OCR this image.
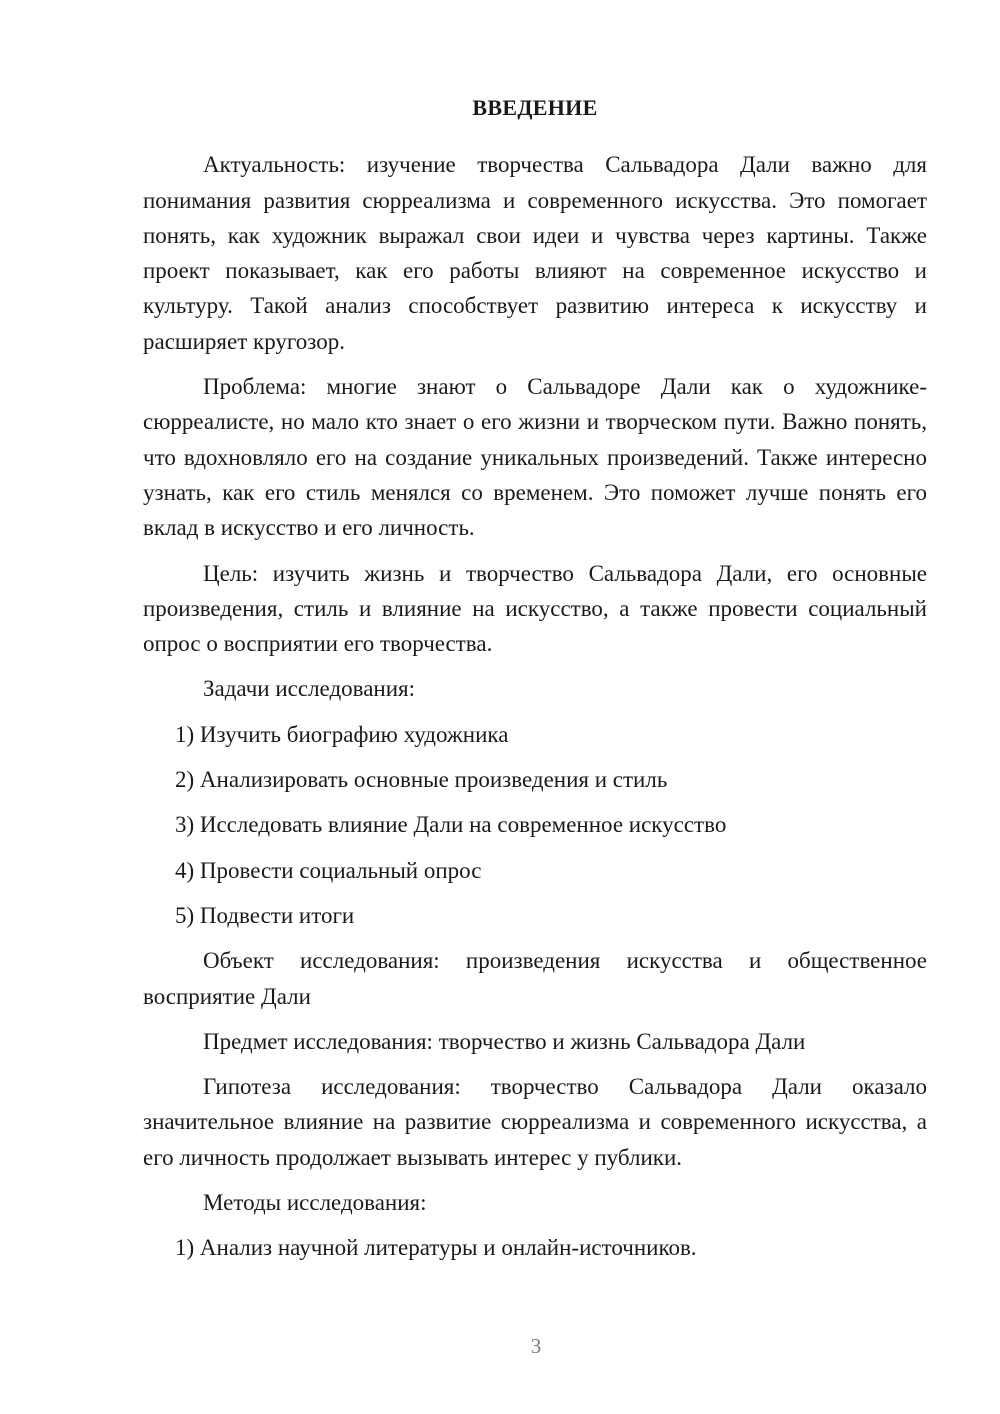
ВВЕДЕНИЕ

Актуальность: изучение творчества Сальвадора Дали важно для понимания развития сюрреализма и современного искусства. Это помогает понять, как художник выражал свои идеи и чувства через картины. Также проект показывает, как его работы влияют на современное искусство и культуру. Такой анализ способствует развитию интереса к искусству и расширяет кругозор.

Проблема: многие знают о Сальвадоре Дали как о художнике-сюрреалисте, но мало кто знает о его жизни и творческом пути. Важно понять, что вдохновляло его на создание уникальных произведений. Также интересно узнать, как его стиль менялся со временем. Это поможет лучше понять его вклад в искусство и его личность.

Цель: изучить жизнь и творчество Сальвадора Дали, его основные произведения, стиль и влияние на искусство, а также провести социальный опрос о восприятии его творчества.

Задачи исследования:

1) Изучить биографию художника

2) Анализировать основные произведения и стиль

3) Исследовать влияние Дали на современное искусство

4) Провести социальный опрос

5) Подвести итоги

Объект исследования: произведения искусства и общественное восприятие Дали

Предмет исследования: творчество и жизнь Сальвадора Дали

Гипотеза исследования: творчество Сальвадора Дали оказало значительное влияние на развитие сюрреализма и современного искусства, а его личность продолжает вызывать интерес у публики.

Методы исследования:

1) Анализ научной литературы и онлайн-источников.

3
